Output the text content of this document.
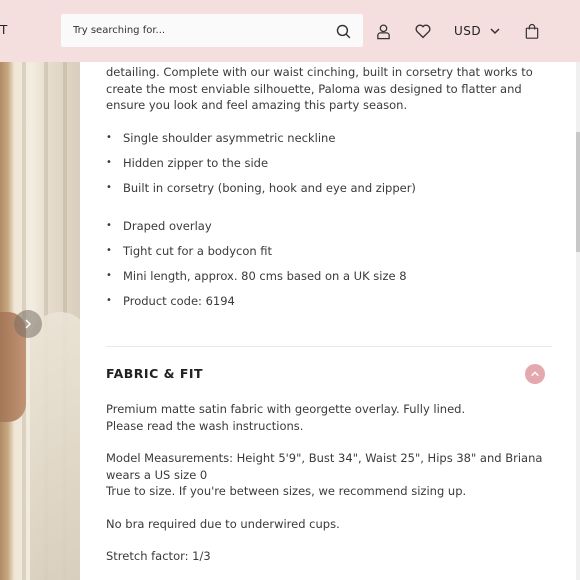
T
Try searching for...	USD

detailing. Complete with our waist cinching, built in corsetry that works to create the most enviable silhouette, Paloma was designed to flatter and ensure you look and feel amazing this party season.

• Single shoulder asymmetric neckline
• Hidden zipper to the side
• Built in corsetry (boning, hook and eye and zipper)
• Draped overlay
• Tight cut for a bodycon fit
• Mini length, approx. 80 cms based on a UK size 8
• Product code: 6194
FABRIC & FIT

Premium matte satin fabric with georgette overlay. Fully lined.

Please read the wash instructions.

Model Measurements: Height 5'9", Bust 34", Waist 25", Hips 38" and Briana wears a US size 0

True to size. If you're between sizes, we recommend sizing up.

No bra required due to underwired cups.

Stretch factor: 1/3
